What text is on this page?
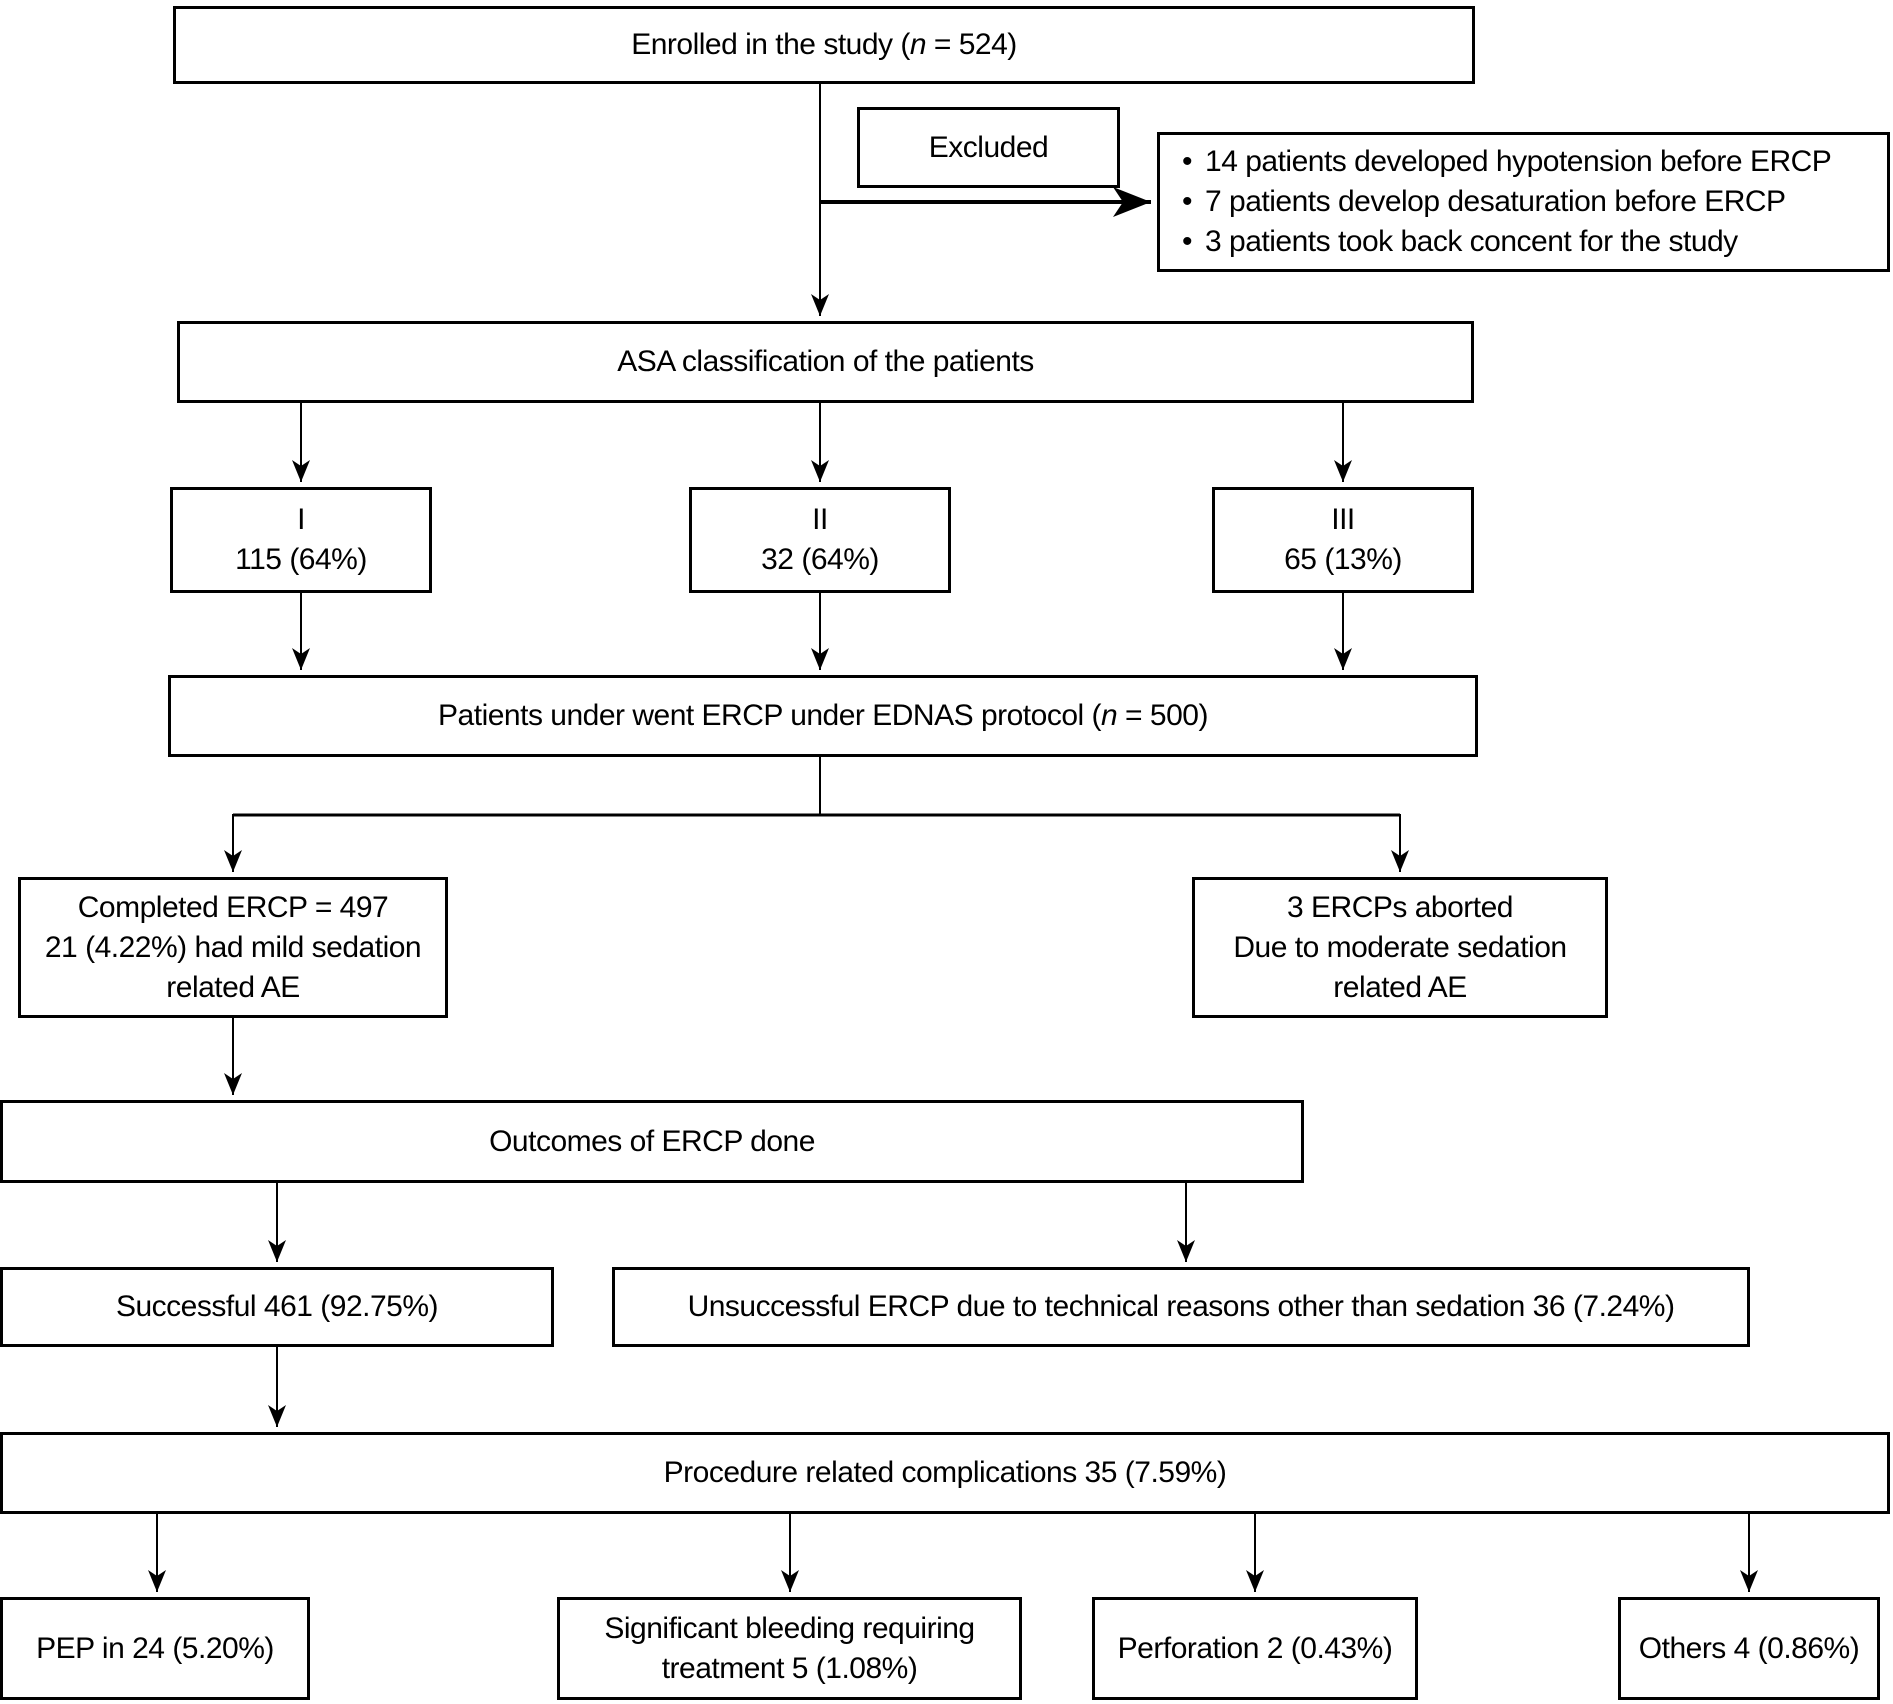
Enrolled in the study (n = 524)
Excluded	• 14 patients developed hypotension before ERCP
• 7 patients develop desaturation before ERCP
• 3 patients took back concent for the study
ASA classification of the patients
I
115 (64%)
II
32 (64%)
III
65 (13%)
Patients under went ERCP under EDNAS protocol (n = 500)
Completed ERCP = 497
21 (4.22%) had mild sedation
related AE
3 ERCPs aborted
Due to moderate sedation
related AE
Outcomes of ERCP done
Successful 461 (92.75%)	Unsuccessful ERCP due to technical reasons other than sedation 36 (7.24%)
Procedure related complications 35 (7.59%)
PEP in 24 (5.20%)
Significant bleeding requiring
treatment 5 (1.08%)
Perforation 2 (0.43%)	Others 4 (0.86%)
